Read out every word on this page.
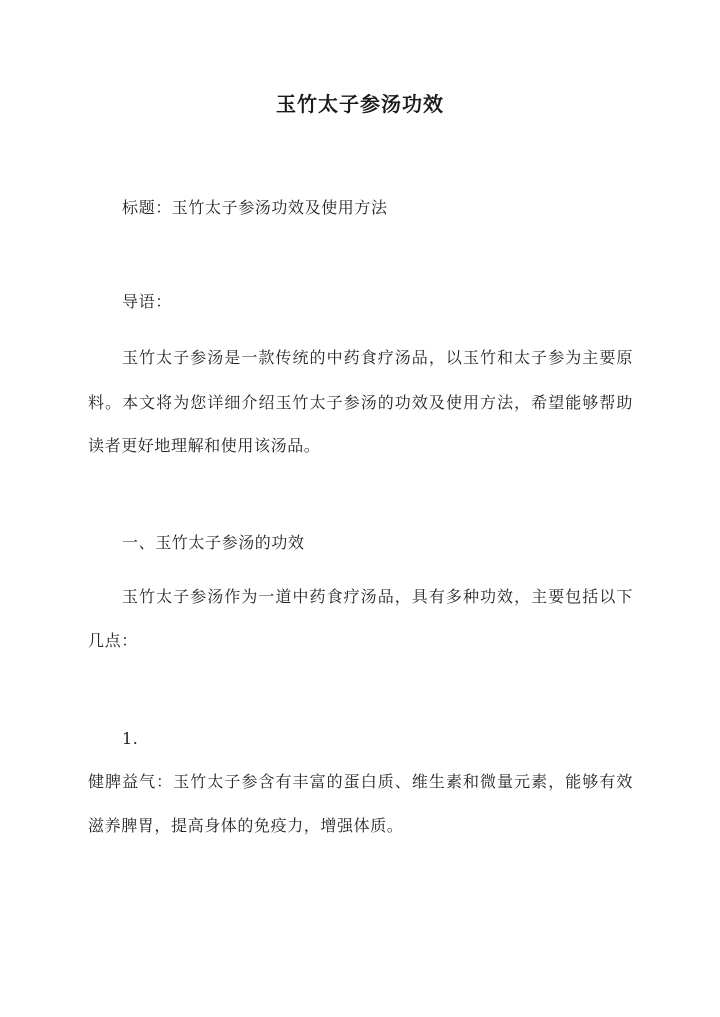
玉竹太子参汤功效
标题：玉竹太子参汤功效及使用方法
导语：
玉竹太子参汤是一款传统的中药食疗汤品，以玉竹和太子参为主要原
料。本文将为您详细介绍玉竹太子参汤的功效及使用方法，希望能够帮助
读者更好地理解和使用该汤品。
一、玉竹太子参汤的功效
玉竹太子参汤作为一道中药食疗汤品，具有多种功效，主要包括以下
几点：
1.
健脾益气：玉竹太子参含有丰富的蛋白质、维生素和微量元素，能够有效
滋养脾胃，提高身体的免疫力，增强体质。
